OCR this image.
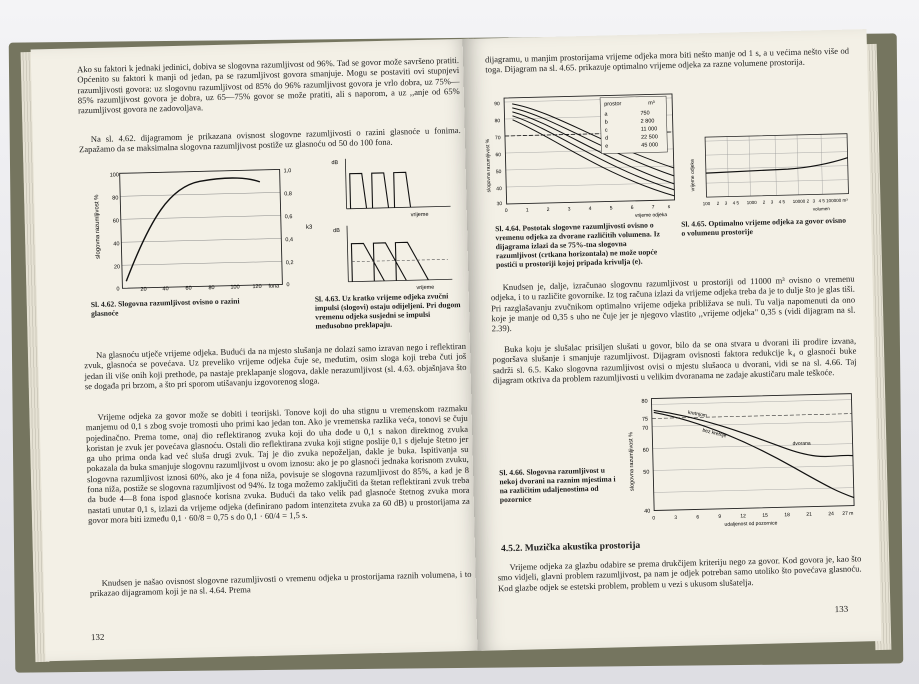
Ako su faktori k jednaki jedinici, dobiva se slogovna razumljivost od 96%. Tad se govor može savršeno pratiti. Općenito su faktori k manji od jedan, pa se razumljivost govora smanjuje. Mogu se postaviti ovi stupnjevi razumljivosti govora: uz slogovnu razumljivost od 85% do 96% razumljivost govora je vrlo dobra, uz 75%—85% razumljivost govora je dobra, uz 65—75% govor se može pratiti, ali s naporom, a uz ,,anje od 65% razumljivost govora ne zadovoljava.

Na sl. 4.62. dijagramom je prikazana ovisnost slogovne razumljivosti o razini glasnoće u fonima. Zapažamo da se maksimalna slogovna razumljivost postiže uz glasnoću od 50 do 100 fona.

slogovna razumljivost %
100
80
60
40
20
0	20	40	60	80	100 120 fona
1,0
0,8
0,6
0,4
0,2
0
k3
dB
vrijeme
dB
vrijeme

Sl. 4.62. Slogovna razumljivost ovisno o razini glasnoće

Sl. 4.63. Uz kratko vrijeme odjeka zvučni impulsi (slogovi) ostaju odijeljeni. Pri dugom vremenu odjeka susjedni se impulsi međusobno preklapaju.

Na glasnoću utječe vrijeme odjeka. Budući da na mjesto slušanja ne dolazi samo izravan nego i reflektiran zvuk, glasnoća se povećava. Uz preveliko vrijeme odjeka čuje se, međutim, osim sloga koji treba čuti još jedan ili više onih koji prethode, pa nastaje preklapanje slogova, dakle nerazumljivost (sl. 4.63. objašnjava što se događa pri brzom, a što pri sporom utišavanju izgovorenog sloga.

Vrijeme odjeka za govor može se dobiti i teorijski. Tonove koji do uha stignu u vremenskom razmaku manjemu od 0,1 s zbog svoje tromosti uho primi kao jedan ton. Ako je vremenska razlika veća, tonovi se čuju pojedinačno. Prema tome, onaj dio reflektiranog zvuka koji do uha dođe u 0,1 s nakon direktnog zvuka koristan je zvuk jer povećava glasnoću. Ostali dio reflektirana zvuka koji stigne poslije 0,1 s djeluje štetno jer ga uho prima onda kad već sluša drugi zvuk. Taj je dio zvuka nepoželjan, dakle je buka. Ispitivanja su pokazala da buka smanjuje slogovnu razumljivost u ovom iznosu: ako je po glasnoći jednaka korisnom zvuku, slogovna razumljivost iznosi 60%, ako je 4 fona niža, povisuje se slogovna razumljivost do 85%, a kad je 8 fona niža, postiže se slogovna razumljivost od 94%. Iz toga možemo zaključiti da štetan reflektirani zvuk treba da bude 4—8 fona ispod glasnoće korisna zvuka. Budući da tako velik pad glasnoće štetnog zvuka mora nastati unutar 0,1 s, izlazi da vrijeme odjeka (definirano padom intenziteta zvuka za 60 dB) u prostorijama za govor mora biti između 0,1 · 60/8 = 0,75 s do 0,1 · 60/4 = 1,5 s.

Knudsen je našao ovisnost slogovne razumljivosti o vremenu odjeka u prostorijama raznih volumena, i to prikazao dijagramom koji je na sl. 4.64. Prema

132

dijagramu, u manjim prostorijama vrijeme odjeka mora biti nešto manje od 1 s, a u većima nešto više od toga. Dijagram na sl. 4.65. prikazuje optimalno vrijeme odjeka za razne volumene prostorija.

prostor	m³
a	750
b	2 800
c	11 000
d	22 500
e	45 000
slogovna razumljivost %
90
80
70
60
50
40
30
0	1	2	3	4	5	6	7	s
vrijeme odjeka
vrijeme odjeka
100 2 3 4 5 1000 2 3 4 5 10000 2 3 4 5 100000 m³
volumen

Sl. 4.64. Postotak slogovne razumljivosti ovisno o vremenu odjeka za dvorane različitih volumena. Iz dijagrama izlazi da se 75%-tna slogovna razumljivost (crtkana horizontala) ne može uopće postići u prostoriji kojoj pripada krivulja (e).

Sl. 4.65. Optimalno vrijeme odjeka za govor ovisno o volumenu prostorije

Knudsen je, dalje, izračunao slogovnu razumljivost u prostoriji od 11000 m³ ovisno o vremenu odjeka, i to u različite govornike. Iz tog računa izlazi da vrijeme odjeka treba da je to dulje što je glas tiši. Pri razglašavanju zvučnikom optimalno vrijeme odjeka približava se nuli. Tu valja napomenuti da ono koje je manje od 0,35 s uho ne čuje jer je njegovo vlastito ,,vrijeme odjeka" 0,35 s (vidi dijagram na sl. 2.39).

Buka koju je slušalac prisiljen slušati u govor, bilo da se ona stvara u dvorani ili prodire izvana, pogoršava slušanje i smanjuje razumljivost. Dijagram ovisnosti faktora redukcije k₄ o glasnoći buke sadrži sl. 6.5. Kako slogovna razumljivost ovisi o mjestu slušaoca u dvorani, vidi se na sl. 4.66. Taj dijagram otkriva da problem razumljivosti u velikim dvoranama ne zadaje akustičaru male teškoće.

kretnjom
bez kretnje
dvorana
slogovna razumljivost %
80
75
70
60
50
40
0	3	6	9	12	15	18	21	24 27 m
udaljenost od pozornice

Sl. 4.66. Slogovna razumljivost u nekoj dvorani na raznim mjestima i na različitim udaljenostima od pozornice

4.5.2. Muzička akustika prostorija

Vrijeme odjeka za glazbu odabire se prema drukčijem kriteriju nego za govor. Kod govora je, kao što smo vidjeli, glavni problem razumljivost, pa nam je odjek potreban samo utoliko što povećava glasnoću. Kod glazbe odjek se estetski problem, problem u vezi s ukusom slušatelja.

133
